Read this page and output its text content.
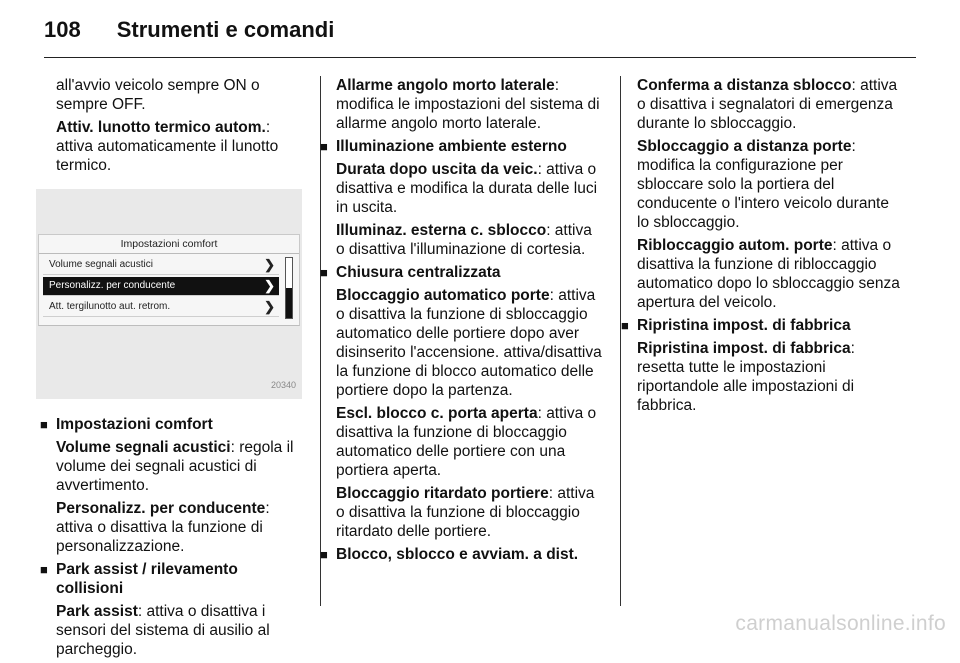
108 Strumenti e comandi

all'avvio veicolo sempre ON o sempre OFF.

Attiv. lunotto termico autom.: attiva automaticamente il lunotto termico.

Impostazioni comfort
Volume segnali acustici	❯
Personalizz. per conducente	❯
Att. tergilunotto aut. retrom.	❯
20340
■ Impostazioni comfort

Volume segnali acustici: regola il volume dei segnali acustici di avvertimento.

Personalizz. per conducente: attiva o disattiva la funzione di personalizzazione.

■ Park assist / rilevamento collisioni

Park assist: attiva o disattiva i sensori del sistema di ausilio al parcheggio.

Allarme angolo morto laterale: modifica le impostazioni del sistema di allarme angolo morto laterale.

■ Illuminazione ambiente esterno

Durata dopo uscita da veic.: attiva o disattiva e modifica la durata delle luci in uscita.

Illuminaz. esterna c. sblocco: attiva o disattiva l'illuminazione di cortesia.

■ Chiusura centralizzata

Bloccaggio automatico porte: attiva o disattiva la funzione di sbloccaggio automatico delle portiere dopo aver disinserito l'accensione. attiva/disattiva la funzione di blocco automatico delle portiere dopo la partenza.

Escl. blocco c. porta aperta: attiva o disattiva la funzione di bloccaggio automatico delle portiere con una portiera aperta.

Bloccaggio ritardato portiere: attiva o disattiva la funzione di bloccaggio ritardato delle portiere.

■ Blocco, sblocco e avviam. a dist.

Conferma a distanza sblocco: attiva o disattiva i segnalatori di emergenza durante lo sbloccaggio.

Sbloccaggio a distanza porte: modifica la configurazione per sbloccare solo la portiera del conducente o l'intero veicolo durante lo sbloccaggio.

Ribloccaggio autom. porte: attiva o disattiva la funzione di ribloccaggio automatico dopo lo sbloccaggio senza apertura del veicolo.

■ Ripristina impost. di fabbrica

Ripristina impost. di fabbrica: resetta tutte le impostazioni riportandole alle impostazioni di fabbrica.

carmanualsonline.info
